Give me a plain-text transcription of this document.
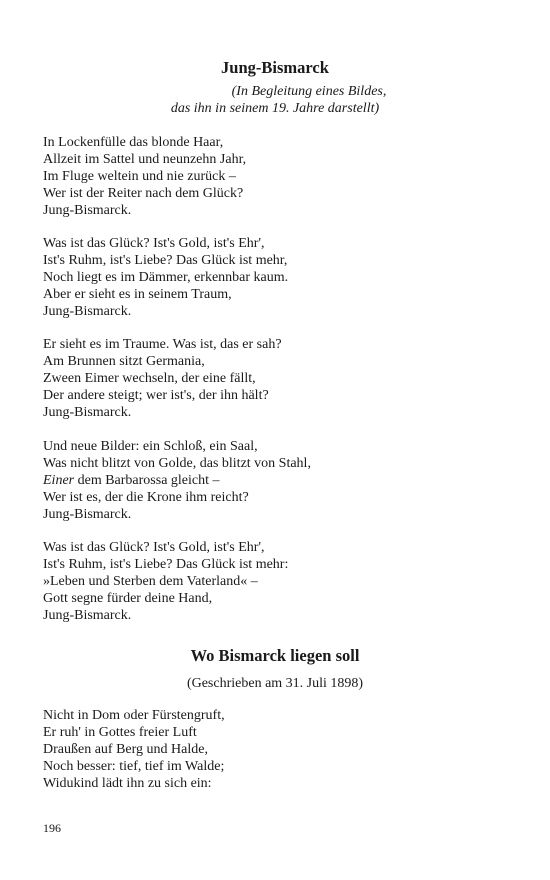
Jung-Bismarck

(In Begleitung eines Bildes,
das ihn in seinem 19. Jahre darstellt)

In Lockenfülle das blonde Haar,
Allzeit im Sattel und neunzehn Jahr,
Im Fluge weltein und nie zurück –
Wer ist der Reiter nach dem Glück?
Jung-Bismarck.
Was ist das Glück? Ist's Gold, ist's Ehr',
Ist's Ruhm, ist's Liebe? Das Glück ist mehr,
Noch liegt es im Dämmer, erkennbar kaum.
Aber er sieht es in seinem Traum,
Jung-Bismarck.
Er sieht es im Traume. Was ist, das er sah?
Am Brunnen sitzt Germania,
Zween Eimer wechseln, der eine fällt,
Der andere steigt; wer ist's, der ihn hält?
Jung-Bismarck.
Und neue Bilder: ein Schloß, ein Saal,
Was nicht blitzt von Golde, das blitzt von Stahl,
Einer dem Barbarossa gleicht –
Wer ist es, der die Krone ihm reicht?
Jung-Bismarck.
Was ist das Glück? Ist's Gold, ist's Ehr',
Ist's Ruhm, ist's Liebe? Das Glück ist mehr:
»Leben und Sterben dem Vaterland« –
Gott segne fürder deine Hand,
Jung-Bismarck.
Wo Bismarck liegen soll

(Geschrieben am 31. Juli 1898)

Nicht in Dom oder Fürstengruft,
Er ruh' in Gottes freier Luft
Draußen auf Berg und Halde,
Noch besser: tief, tief im Walde;
Widukind lädt ihn zu sich ein:
196
